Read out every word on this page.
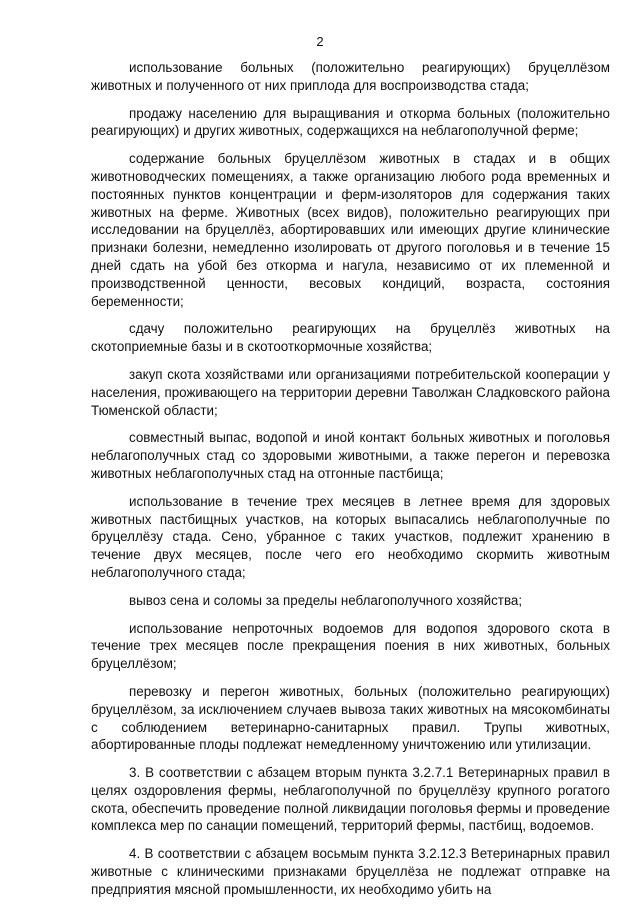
2

использование больных (положительно реагирующих) бруцеллёзом животных и полученного от них приплода для воспроизводства стада;

продажу населению для выращивания и откорма больных (положительно реагирующих) и других животных, содержащихся на неблагополучной ферме;

содержание больных бруцеллёзом животных в стадах и в общих животноводческих помещениях, а также организацию любого рода временных и постоянных пунктов концентрации и ферм-изоляторов для содержания таких животных на ферме. Животных (всех видов), положительно реагирующих при исследовании на бруцеллёз, абортировавших или имеющих другие клинические признаки болезни, немедленно изолировать от другого поголовья и в течение 15 дней сдать на убой без откорма и нагула, независимо от их племенной и производственной ценности, весовых кондиций, возраста, состояния беременности;

сдачу положительно реагирующих на бруцеллёз животных на скотоприемные базы и в скотооткормочные хозяйства;

закуп скота хозяйствами или организациями потребительской кооперации у населения, проживающего на территории деревни Таволжан Сладковского района Тюменской области;

совместный выпас, водопой и иной контакт больных животных и поголовья неблагополучных стад со здоровыми животными, а также перегон и перевозка животных неблагополучных стад на отгонные пастбища;

использование в течение трех месяцев в летнее время для здоровых животных пастбищных участков, на которых выпасались неблагополучные по бруцеллёзу стада. Сено, убранное с таких участков, подлежит хранению в течение двух месяцев, после чего его необходимо скормить животным неблагополучного стада;

вывоз сена и соломы за пределы неблагополучного хозяйства;

использование непроточных водоемов для водопоя здорового скота в течение трех месяцев после прекращения поения в них животных, больных бруцеллёзом;

перевозку и перегон животных, больных (положительно реагирующих) бруцеллёзом, за исключением случаев вывоза таких животных на мясокомбинаты с соблюдением ветеринарно-санитарных правил. Трупы животных, абортированные плоды подлежат немедленному уничтожению или утилизации.

3. В соответствии с абзацем вторым пункта 3.2.7.1 Ветеринарных правил в целях оздоровления фермы, неблагополучной по бруцеллёзу крупного рогатого скота, обеспечить проведение полной ликвидации поголовья фермы и проведение комплекса мер по санации помещений, территорий фермы, пастбищ, водоемов.

4. В соответствии с абзацем восьмым пункта 3.2.12.3 Ветеринарных правил животные с клиническими признаками бруцеллёза не подлежат отправке на предприятия мясной промышленности, их необходимо убить на
